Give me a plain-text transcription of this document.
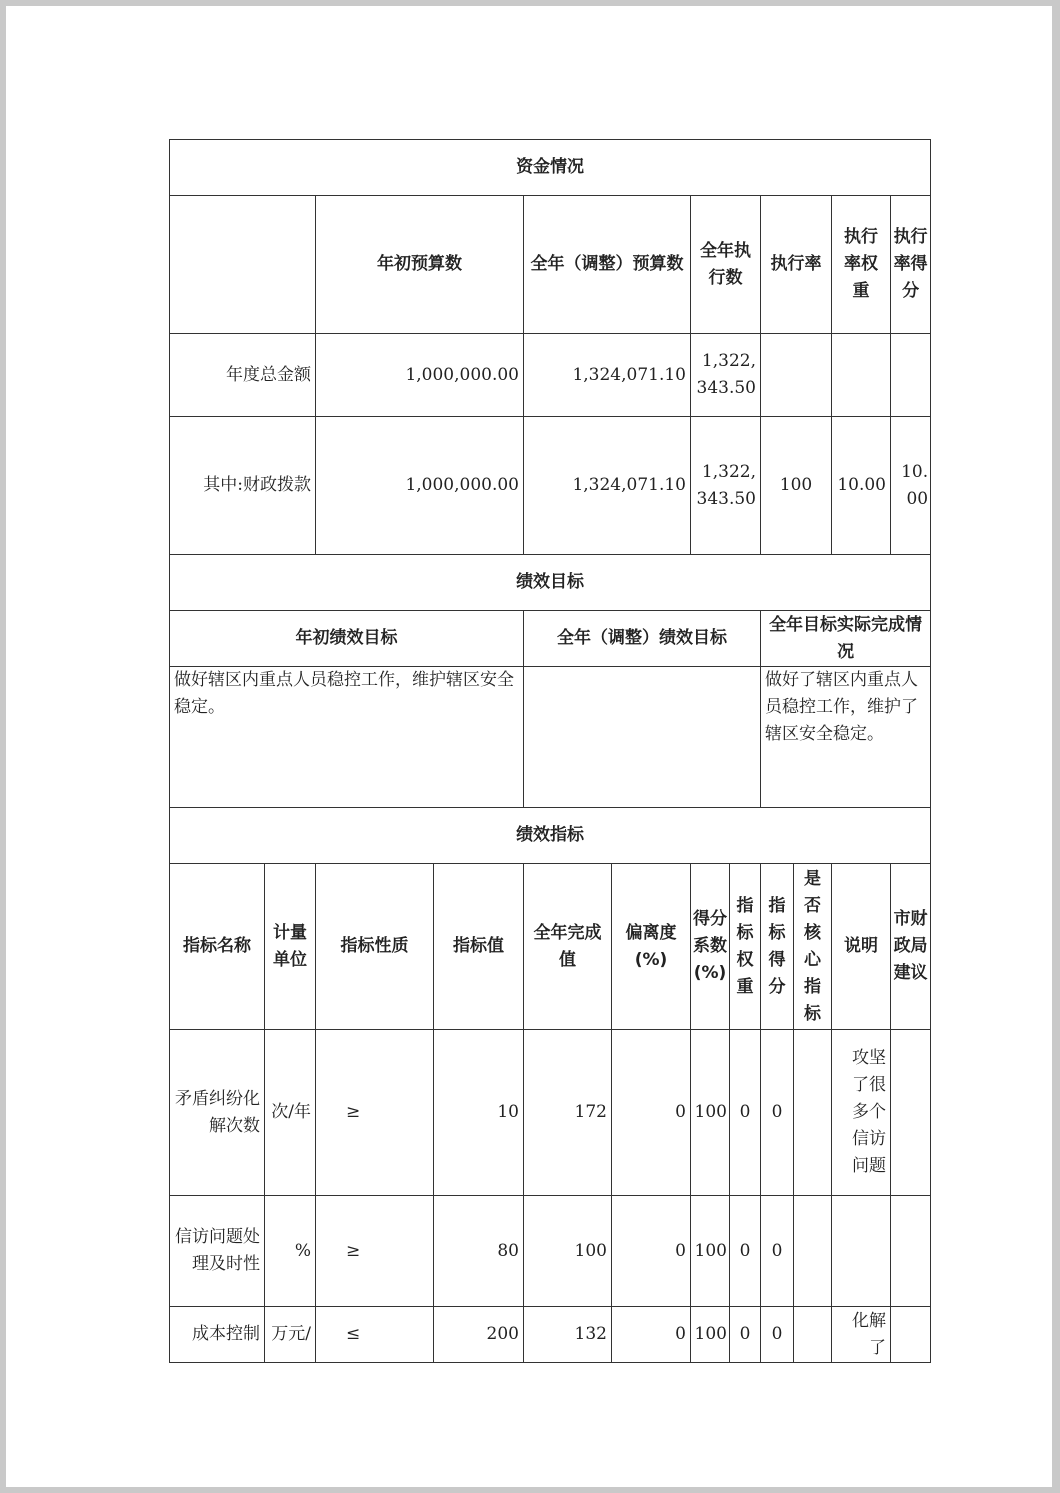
资金情况											
		年初预算数		全年（调整）预算数		全年执行数		执行率		执行率权重	执行率得分
年度总金额		1,000,000.00		1,324,071.10		1,322,343.50					
其中:财政拨款		1,000,000.00		1,324,071.10		1,322,343.50		100		10.00	10.00
绩效目标											
年初绩效目标				全年（调整）绩效目标				全年目标实际完成情况			
做好辖区内重点人员稳控工作，维护辖区安全稳定。								做好了辖区内重点人员稳控工作，维护了辖区安全稳定。			
绩效指标											
指标名称	计量单位	指标性质	指标值	全年完成值	偏离度(%)	得分系数(%)	指标权重	指标得分	是否核心指标	说明	市财政局建议
矛盾纠纷化解次数	次/年	≥	10	172	0	100	0	0		攻坚了很多个信访问题	
信访问题处理及时性	%	≥	80	100	0	100	0	0			
成本控制	万元/	≤	200	132	0	100	0	0		化解了	
